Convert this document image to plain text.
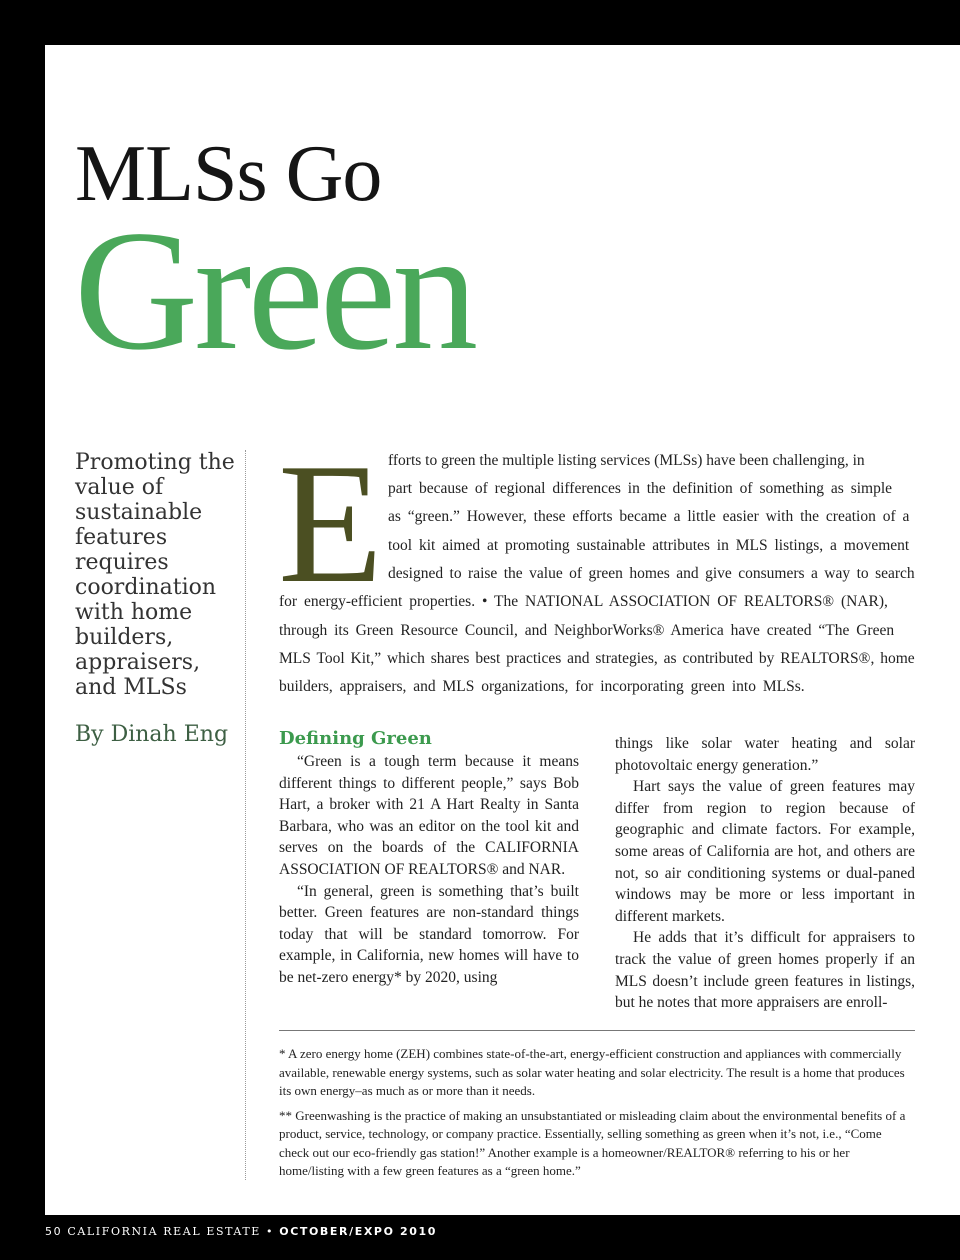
MLSs Go
Green
Promoting the value of sustainable features requires coordination with home builders, appraisers, and MLSs
By Dinah Eng
E fforts to green the multiple listing services (MLSs) have been challenging, in
part because of regional differences in the definition of something as simple
as “green.” However, these efforts became a little easier with the creation of a
tool kit aimed at promoting sustainable attributes in MLS listings, a movement
designed to raise the value of green homes and give consumers a way to search
for energy-efficient properties. • The NATIONAL ASSOCIATION OF REALTORS® (NAR),
through its Green Resource Council, and NeighborWorks® America have created “The Green
MLS Tool Kit,” which shares best practices and strategies, as contributed by REALTORS®, home
builders, appraisers, and MLS organizations, for incorporating green into MLSs.
Defining Green

“Green is a tough term because it means different things to different people,” says Bob Hart, a broker with 21 A Hart Realty in Santa Barbara, who was an editor on the tool kit and serves on the boards of the CALIFORNIA ASSOCIATION OF REALTORS® and NAR.

“In general, green is something that’s built better. Green features are non-standard things today that will be standard tomorrow. For example, in California, new homes will have to be net-zero energy* by 2020, using

things like solar water heating and solar photovoltaic energy generation.”

Hart says the value of green features may differ from region to region because of geographic and climate factors. For example, some areas of California are hot, and others are not, so air conditioning systems or dual-paned windows may be more or less important in different markets.

He adds that it’s difficult for appraisers to track the value of green homes properly if an MLS doesn’t include green features in listings, but he notes that more appraisers are enroll-

* A zero energy home (ZEH) combines state-of-the-art, energy-efficient construction and appliances with commercially available, renewable energy systems, such as solar water heating and solar electricity. The result is a home that produces its own energy–as much as or more than it needs.

** Greenwashing is the practice of making an unsubstantiated or misleading claim about the environmental benefits of a product, service, technology, or company practice. Essentially, selling something as green when it’s not, i.e., “Come check out our eco-friendly gas station!” Another example is a homeowner/REALTOR® referring to his or her home/listing with a few green features as a “green home.”

50 CALIFORNIA REAL ESTATE • OCTOBER/EXPO 2010
